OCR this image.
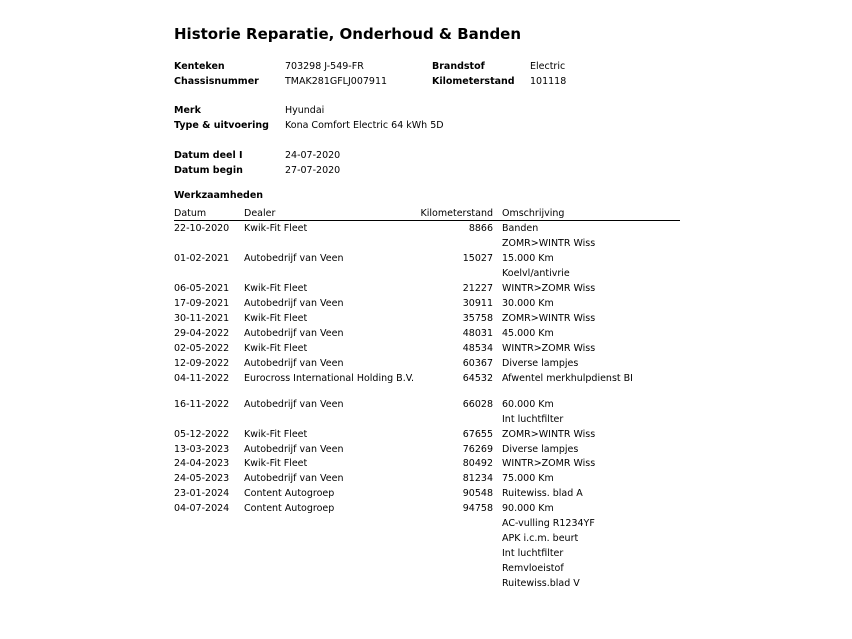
Historie Reparatie, Onderhoud & Banden
Kenteken	703298 J-549-FR	Brandstof	Electric
Chassisnummer	TMAK281GFLJ007911	Kilometerstand 101118
Merk	Hyundai
Type & uitvoering Kona Comfort Electric 64 kWh 5D
Datum deel I	24-07-2020
Datum begin	27-07-2020
Werkzaamheden
Datum	Dealer	Kilometerstand Omschrijving
22-10-2020 Kwik-Fit Fleet	8866 Banden
ZOMR>WINTR Wiss
01-02-2021 Autobedrijf van Veen	15027 15.000 Km
Koelvl/antivrie
06-05-2021 Kwik-Fit Fleet	21227 WINTR>ZOMR Wiss
17-09-2021 Autobedrijf van Veen	30911 30.000 Km
30-11-2021 Kwik-Fit Fleet	35758 ZOMR>WINTR Wiss
29-04-2022 Autobedrijf van Veen	48031 45.000 Km
02-05-2022 Kwik-Fit Fleet	48534 WINTR>ZOMR Wiss
12-09-2022 Autobedrijf van Veen	60367 Diverse lampjes
04-11-2022 Eurocross International Holding B.V.	64532 Afwentel merkhulpdienst BI
16-11-2022 Autobedrijf van Veen	66028 60.000 Km
Int luchtfilter
05-12-2022 Kwik-Fit Fleet	67655 ZOMR>WINTR Wiss
13-03-2023 Autobedrijf van Veen	76269 Diverse lampjes
24-04-2023 Kwik-Fit Fleet	80492 WINTR>ZOMR Wiss
24-05-2023 Autobedrijf van Veen	81234 75.000 Km
23-01-2024 Content Autogroep	90548 Ruitewiss. blad A
04-07-2024 Content Autogroep	94758 90.000 Km
AC-vulling R1234YF
APK i.c.m. beurt
Int luchtfilter
Remvloeistof
Ruitewiss.blad V
